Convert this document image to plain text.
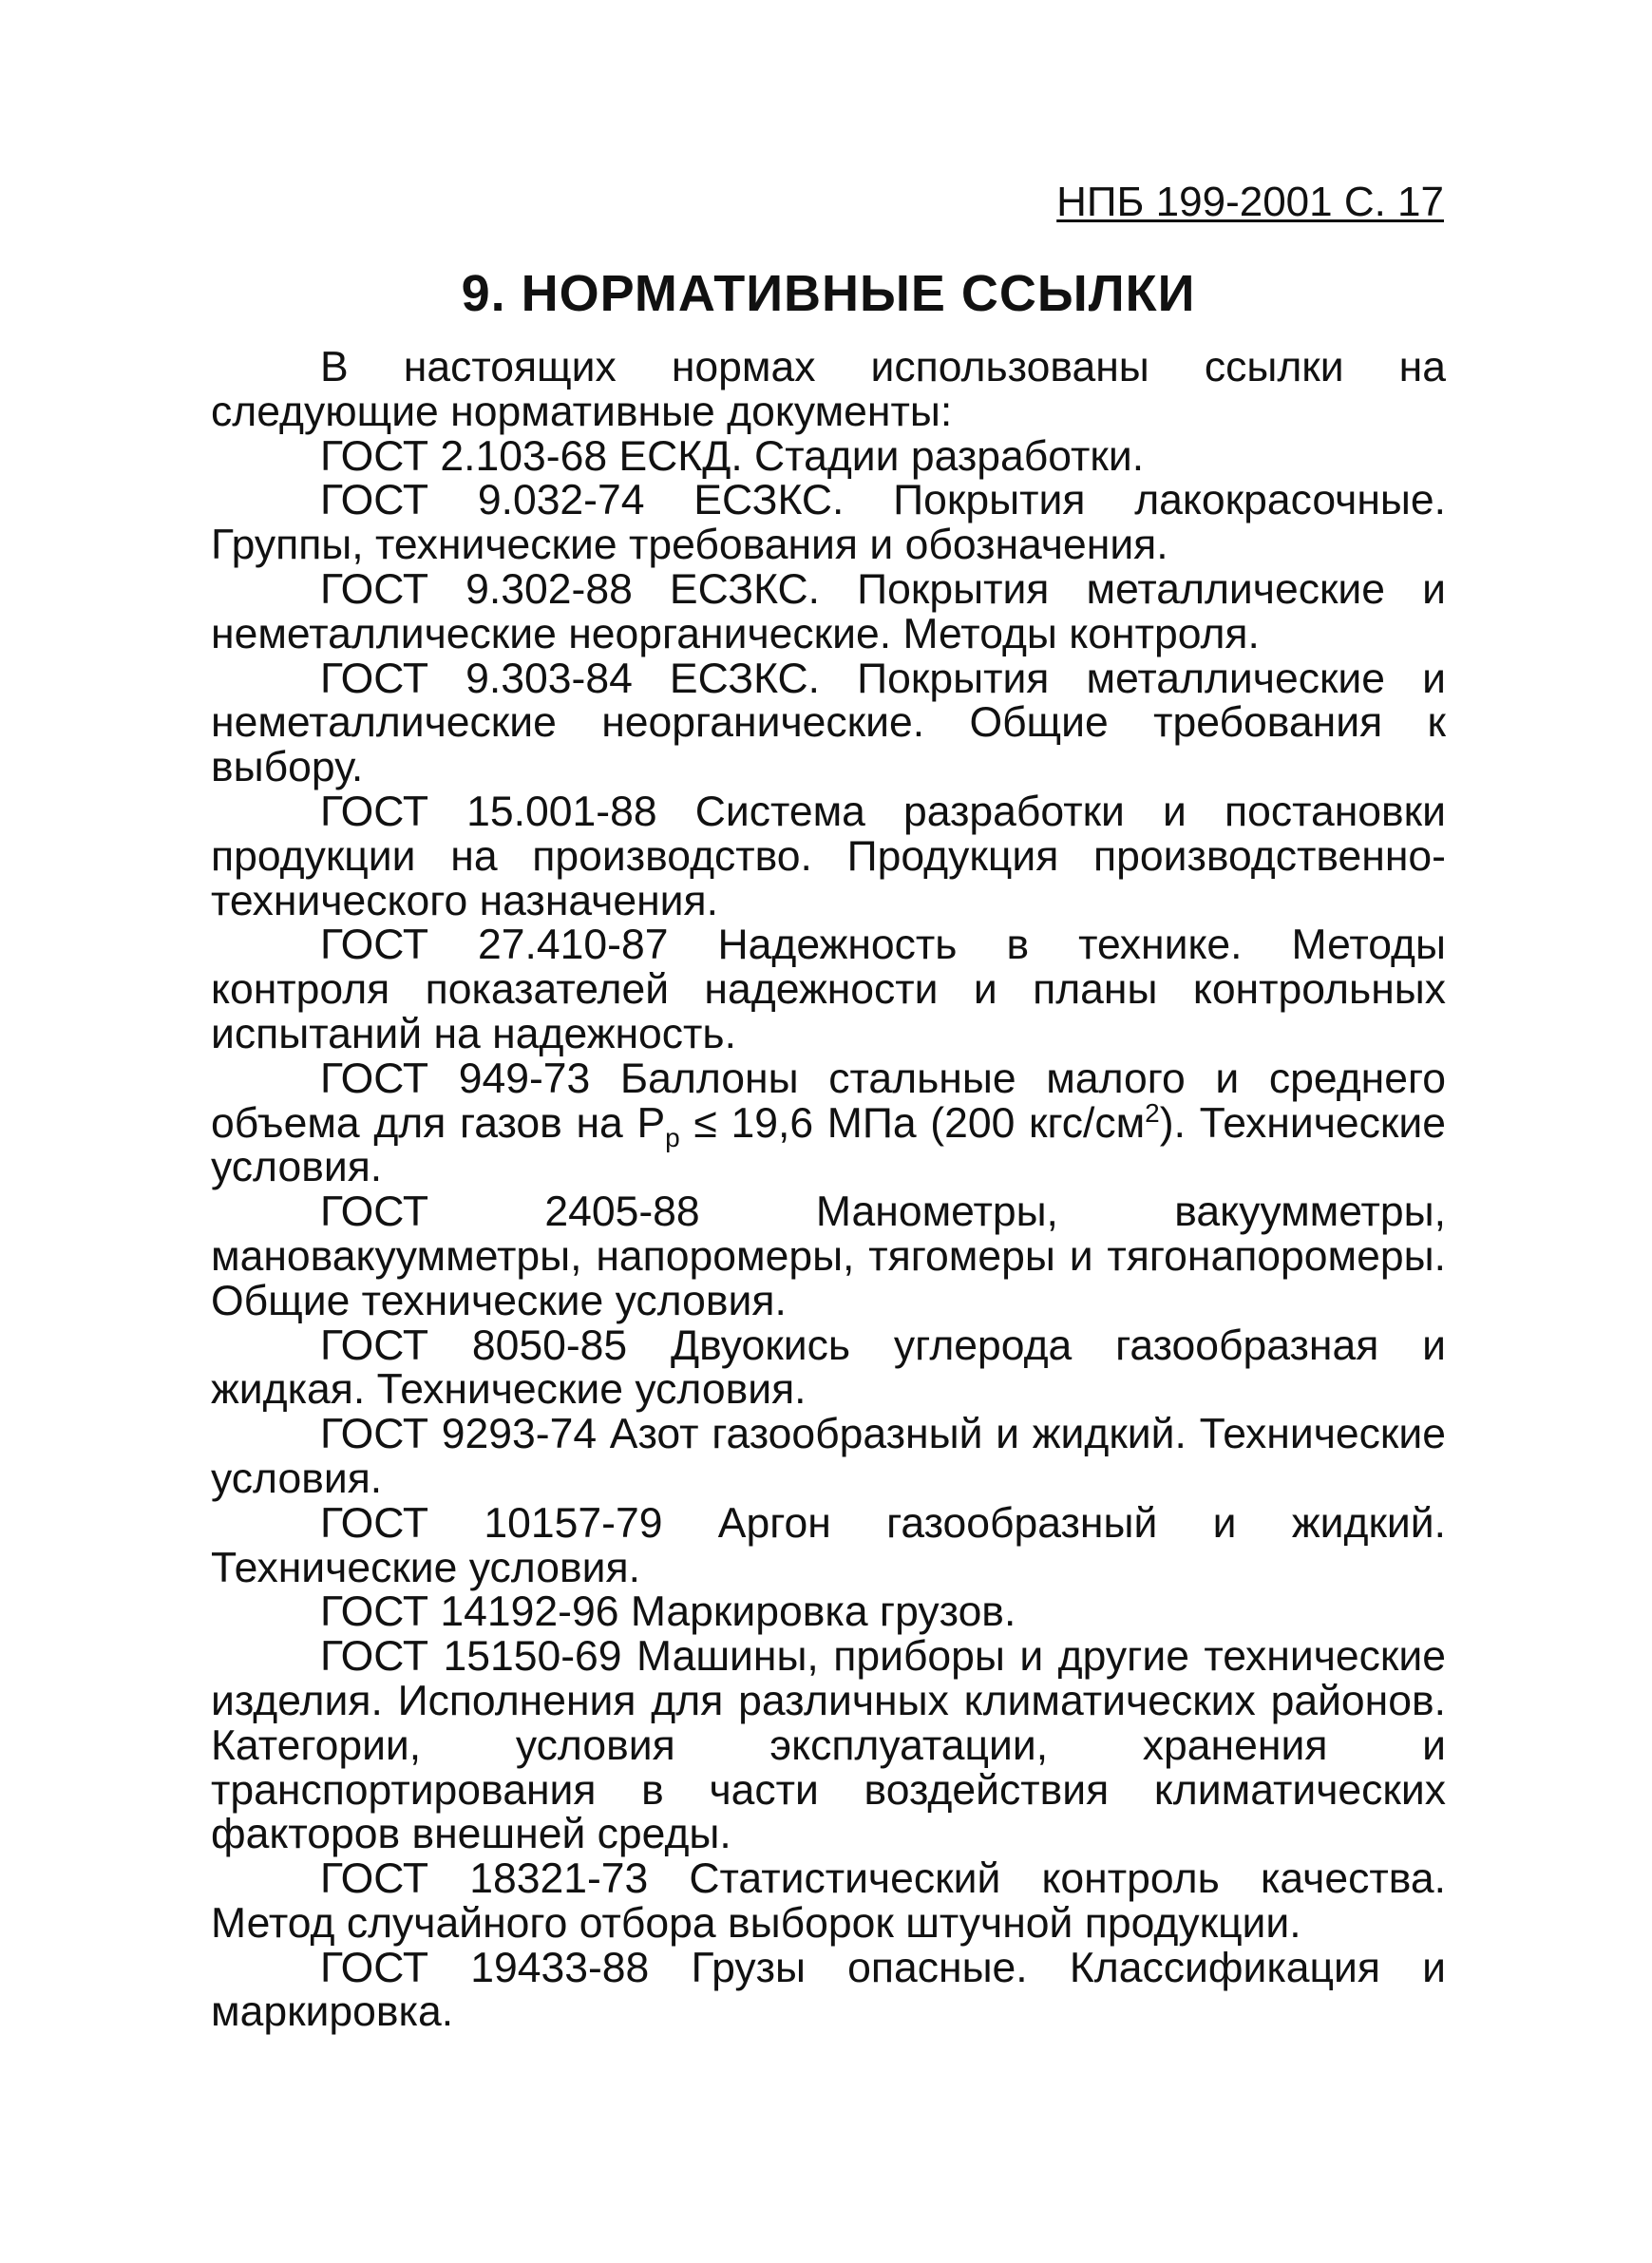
НПБ 199-2001 С. 17
9. НОРМАТИВНЫЕ ССЫЛКИ

В настоящих нормах использованы ссылки на следующие нормативные документы:

ГОСТ 2.103-68 ЕСКД. Стадии разработки.

ГОСТ 9.032-74 ЕСЗКС. Покрытия лакокрасочные. Группы, технические требования и обозначения.

ГОСТ 9.302-88 ЕСЗКС. Покрытия металлические и неметаллические неорганические. Методы контроля.

ГОСТ 9.303-84 ЕСЗКС. Покрытия металлические и неметаллические неорганические. Общие требования к выбору.

ГОСТ 15.001-88 Система разработки и постановки продукции на производство. Продукция производственно-технического назначения.

ГОСТ 27.410-87 Надежность в технике. Методы контроля показателей надежности и планы контрольных испытаний на надежность.

ГОСТ 949-73 Баллоны стальные малого и среднего объема для газов на $P_р \le 19,6$ МПа (200 кгс/$см^2$). Технические условия.

ГОСТ 2405-88 Манометры, вакуумметры, мановакуумметры, напоромеры, тягомеры и тягонапоромеры. Общие технические условия.

ГОСТ 8050-85 Двуокись углерода газообразная и жидкая. Технические условия.

ГОСТ 9293-74 Азот газообразный и жидкий. Технические условия.

ГОСТ 10157-79 Аргон газообразный и жидкий. Технические условия.

ГОСТ 14192-96 Маркировка грузов.

ГОСТ 15150-69 Машины, приборы и другие технические изделия. Исполнения для различных климатических районов. Категории, условия эксплуатации, хранения и транспортирования в части воздействия климатических факторов внешней среды.

ГОСТ 18321-73 Статистический контроль качества. Метод случайного отбора выборок штучной продукции.

ГОСТ 19433-88 Грузы опасные. Классификация и маркировка.
